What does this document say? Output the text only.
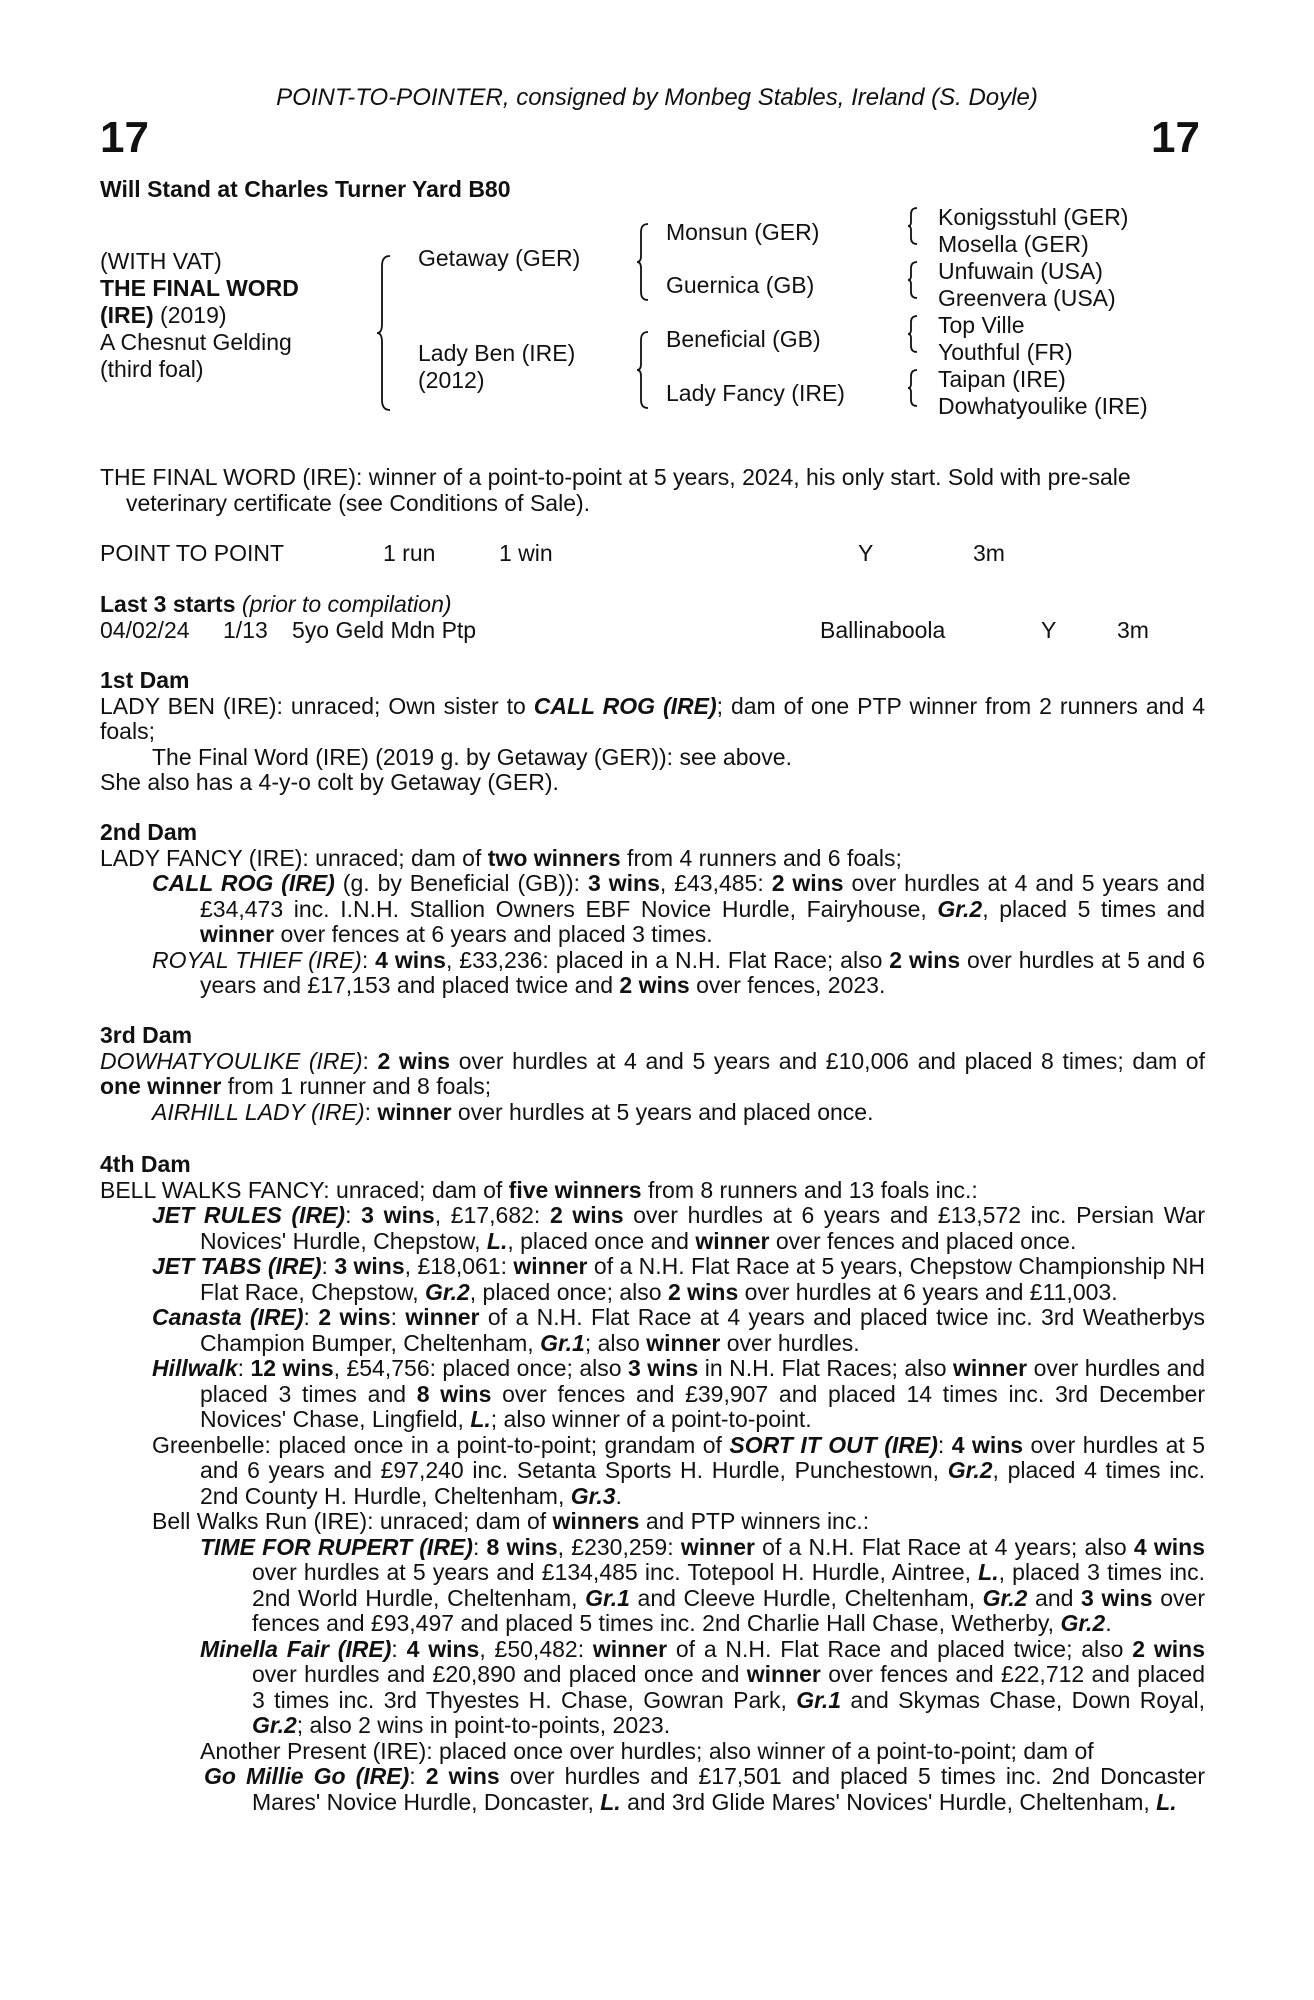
POINT-TO-POINTER, consigned by Monbeg Stables, Ireland (S. Doyle)
17	17
Will Stand at Charles Turner Yard B80
(WITH VAT)
THE FINAL WORD
(IRE) (2019)
A Chesnut Gelding
(third foal)
Getaway (GER)
Lady Ben (IRE)
(2012)
Monsun (GER)
Guernica (GB)
Beneficial (GB)
Lady Fancy (IRE)
Konigsstuhl (GER)
Mosella (GER)
Unfuwain (USA)
Greenvera (USA)
Top Ville
Youthful (FR)
Taipan (IRE)
Dowhatyoulike (IRE)

THE FINAL WORD (IRE): winner of a point-to-point at 5 years, 2024, his only start. Sold with pre-sale veterinary certificate (see Conditions of Sale).

POINT TO POINT	1 run	1 win	Y	3m
Last 3 starts (prior to compilation)
04/02/24 1/13 5yo Geld Mdn Ptp	Ballinaboola	Y	3m

1st Dam

LADY BEN (IRE): unraced; Own sister to CALL ROG (IRE); dam of one PTP winner from 2 runners and 4 foals;

The Final Word (IRE) (2019 g. by Getaway (GER)): see above.

She also has a 4-y-o colt by Getaway (GER).

2nd Dam

LADY FANCY (IRE): unraced; dam of two winners from 4 runners and 6 foals;

CALL ROG (IRE) (g. by Beneficial (GB)): 3 wins, £43,485: 2 wins over hurdles at 4 and 5 years and £34,473 inc. I.N.H. Stallion Owners EBF Novice Hurdle, Fairyhouse, Gr.2, placed 5 times and winner over fences at 6 years and placed 3 times.

ROYAL THIEF (IRE): 4 wins, £33,236: placed in a N.H. Flat Race; also 2 wins over hurdles at 5 and 6 years and £17,153 and placed twice and 2 wins over fences, 2023.

3rd Dam

DOWHATYOULIKE (IRE): 2 wins over hurdles at 4 and 5 years and £10,006 and placed 8 times; dam of one winner from 1 runner and 8 foals;

AIRHILL LADY (IRE): winner over hurdles at 5 years and placed once.

4th Dam

BELL WALKS FANCY: unraced; dam of five winners from 8 runners and 13 foals inc.:

JET RULES (IRE): 3 wins, £17,682: 2 wins over hurdles at 6 years and £13,572 inc. Persian War Novices' Hurdle, Chepstow, L., placed once and winner over fences and placed once.

JET TABS (IRE): 3 wins, £18,061: winner of a N.H. Flat Race at 5 years, Chepstow Championship NH Flat Race, Chepstow, Gr.2, placed once; also 2 wins over hurdles at 6 years and £11,003.

Canasta (IRE): 2 wins: winner of a N.H. Flat Race at 4 years and placed twice inc. 3rd Weatherbys Champion Bumper, Cheltenham, Gr.1; also winner over hurdles.

Hillwalk: 12 wins, £54,756: placed once; also 3 wins in N.H. Flat Races; also winner over hurdles and placed 3 times and 8 wins over fences and £39,907 and placed 14 times inc. 3rd December Novices' Chase, Lingfield, L.; also winner of a point-to-point.

Greenbelle: placed once in a point-to-point; grandam of SORT IT OUT (IRE): 4 wins over hurdles at 5 and 6 years and £97,240 inc. Setanta Sports H. Hurdle, Punchestown, Gr.2, placed 4 times inc. 2nd County H. Hurdle, Cheltenham, Gr.3.

Bell Walks Run (IRE): unraced; dam of winners and PTP winners inc.:

TIME FOR RUPERT (IRE): 8 wins, £230,259: winner of a N.H. Flat Race at 4 years; also 4 wins over hurdles at 5 years and £134,485 inc. Totepool H. Hurdle, Aintree, L., placed 3 times inc. 2nd World Hurdle, Cheltenham, Gr.1 and Cleeve Hurdle, Cheltenham, Gr.2 and 3 wins over fences and £93,497 and placed 5 times inc. 2nd Charlie Hall Chase, Wetherby, Gr.2.

Minella Fair (IRE): 4 wins, £50,482: winner of a N.H. Flat Race and placed twice; also 2 wins over hurdles and £20,890 and placed once and winner over fences and £22,712 and placed 3 times inc. 3rd Thyestes H. Chase, Gowran Park, Gr.1 and Skymas Chase, Down Royal, Gr.2; also 2 wins in point-to-points, 2023.

Another Present (IRE): placed once over hurdles; also winner of a point-to-point; dam of

Go Millie Go (IRE): 2 wins over hurdles and £17,501 and placed 5 times inc. 2nd Doncaster Mares' Novice Hurdle, Doncaster, L. and 3rd Glide Mares' Novices' Hurdle, Cheltenham, L.
